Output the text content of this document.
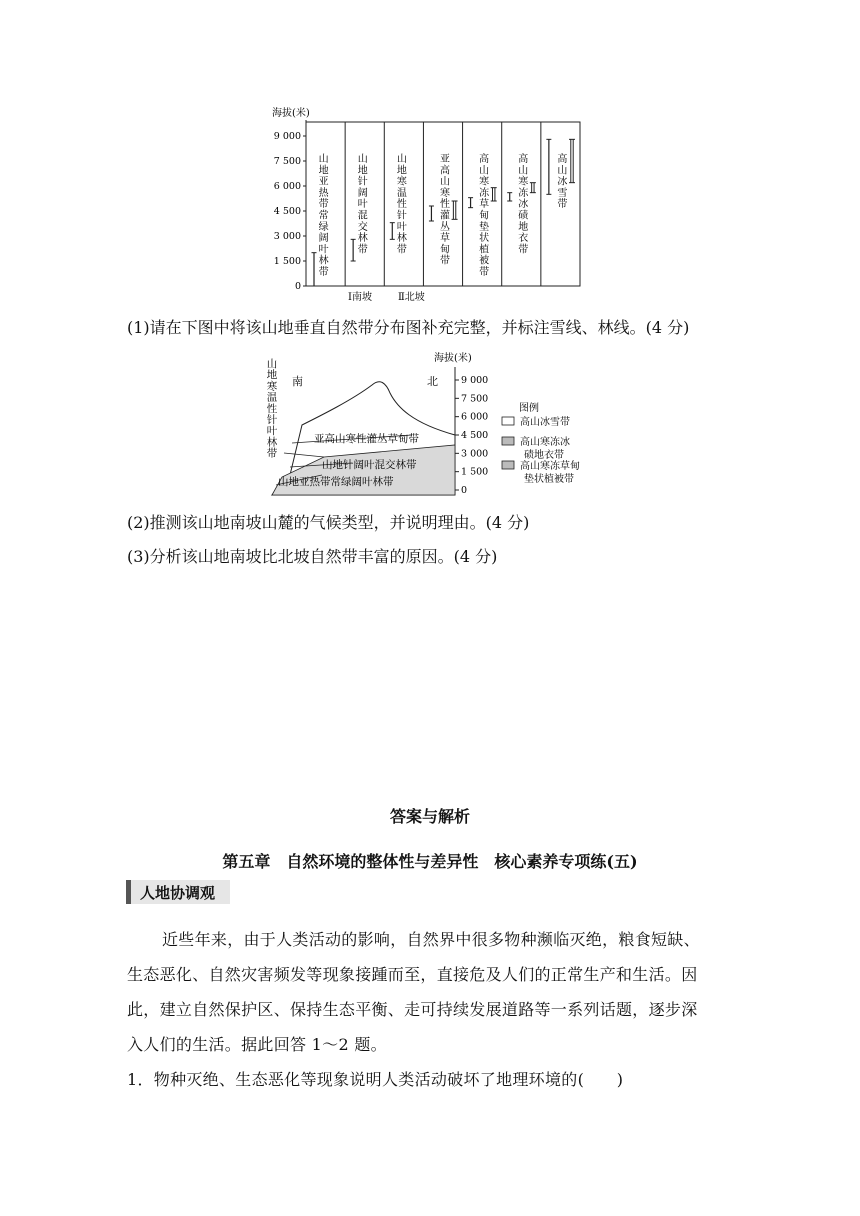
海拔(米)
9 000
7 500
6 000
4 500
3 000
1 500
0
山
地
亚
热
带
常
绿
阔
叶
林
带
山
地
针
阔
叶
混
交
林
带
山
地
寒
温
性
针
叶
林
带
亚
高
山
寒
性
灌
丛
草
甸
带
高
山
寒
冻
草
甸
垫
状
植
被
带
高
山
寒
冻
冰
碛
地
衣
带
高
山
冰
雪
带
Ⅰ南坡	Ⅱ北坡
(1)请在下图中将该山地垂直自然带分布图补充完整，并标注雪线、林线。(4 分)
山
地
寒
温
性
针
叶
林
带
南	北
海拔(米)
9 000
7 500
6 000
4 500
3 000
1 500
0
亚高山寒性灌丛草甸带
山地针阔叶混交林带
山地亚热带常绿阔叶林带
图例
高山冰雪带
高山寒冻冰
碛地衣带
高山寒冻草甸
垫状植被带
(2)推测该山地南坡山麓的气候类型，并说明理由。(4 分)
(3)分析该山地南坡比北坡自然带丰富的原因。(4 分)
答案与解析
第五章　自然环境的整体性与差异性　核心素养专项练(五)
人地协调观
近些年来，由于人类活动的影响，自然界中很多物种濒临灭绝，粮食短缺、
生态恶化、自然灾害频发等现象接踵而至，直接危及人们的正常生产和生活。因
此，建立自然保护区、保持生态平衡、走可持续发展道路等一系列话题，逐步深
入人们的生活。据此回答 1～2 题。
1．物种灭绝、生态恶化等现象说明人类活动破坏了地理环境的(　　)
